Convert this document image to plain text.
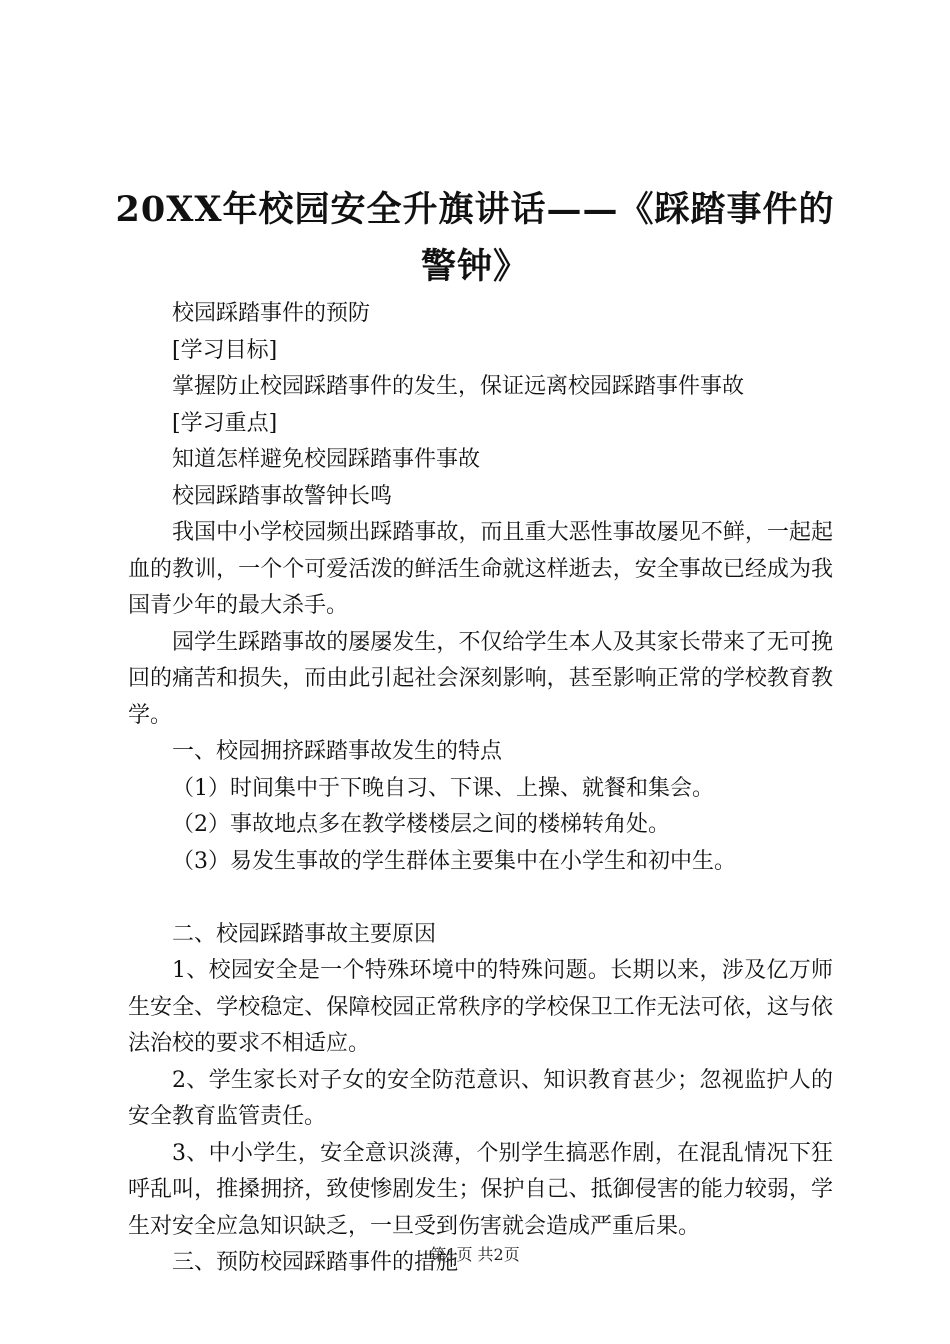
20XX年校园安全升旗讲话——《踩踏事件的
警钟》

校园踩踏事件的预防

[学习目标]

掌握防止校园踩踏事件的发生，保证远离校园踩踏事件事故

[学习重点]

知道怎样避免校园踩踏事件事故

校园踩踏事故警钟长鸣

我国中小学校园频出踩踏事故，而且重大恶性事故屡见不鲜，一起起血的教训，一个个可爱活泼的鲜活生命就这样逝去，安全事故已经成为我国青少年的最大杀手。

园学生踩踏事故的屡屡发生，不仅给学生本人及其家长带来了无可挽回的痛苦和损失，而由此引起社会深刻影响，甚至影响正常的学校教育教学。

一、校园拥挤踩踏事故发生的特点

（1）时间集中于下晚自习、下课、上操、就餐和集会。

（2）事故地点多在教学楼楼层之间的楼梯转角处。

（3）易发生事故的学生群体主要集中在小学生和初中生。

二、校园踩踏事故主要原因

1、校园安全是一个特殊环境中的特殊问题。长期以来，涉及亿万师生安全、学校稳定、保障校园正常秩序的学校保卫工作无法可依，这与依法治校的要求不相适应。

2、学生家长对子女的安全防范意识、知识教育甚少；忽视监护人的安全教育监管责任。

3、中小学生，安全意识淡薄，个别学生搞恶作剧，在混乱情况下狂呼乱叫，推搡拥挤，致使惨剧发生；保护自己、抵御侵害的能力较弱，学生对安全应急知识缺乏，一旦受到伤害就会造成严重后果。

三、预防校园踩踏事件的措施

第1页 共2页
